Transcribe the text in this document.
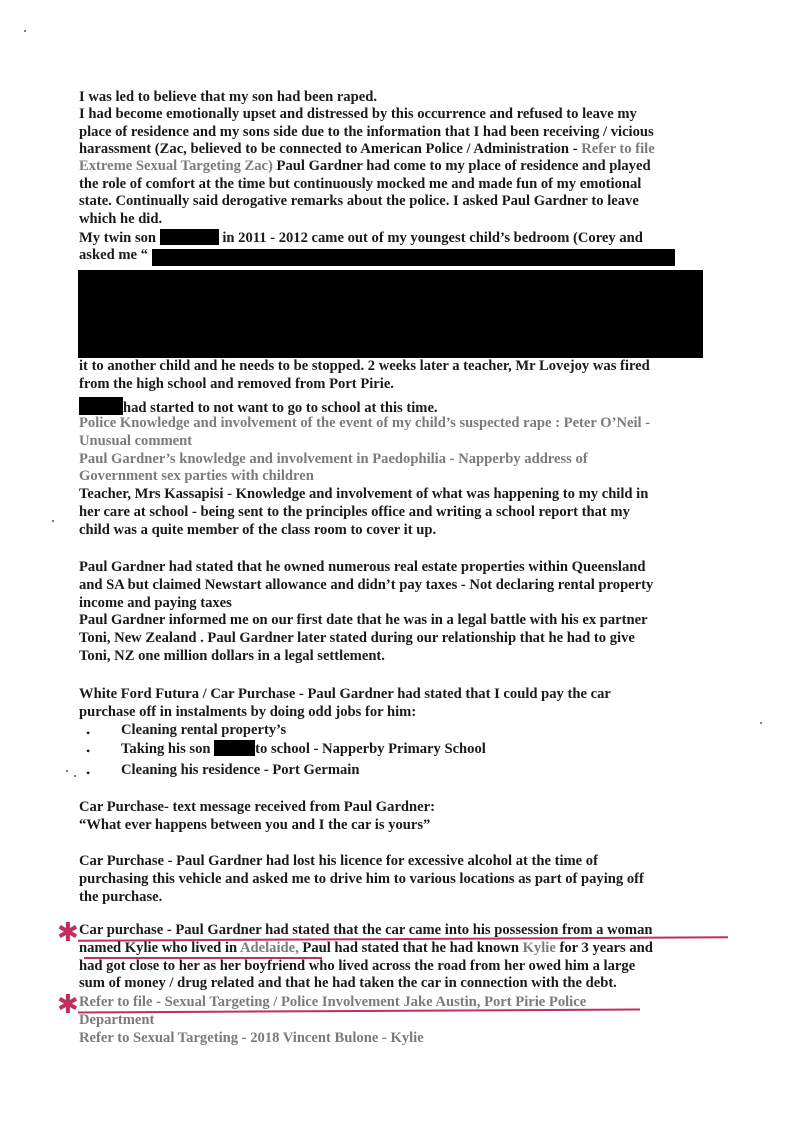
I was led to believe that my son had been raped.
I had become emotionally upset and distressed by this occurrence and refused to leave my
place of residence and my sons side due to the information that I had been receiving / vicious
harassment (Zac, believed to be connected to American Police / Administration - Refer to file
Extreme Sexual Targeting Zac) Paul Gardner had come to my place of residence and played
the role of comfort at the time but continuously mocked me and made fun of my emotional
state. Continually said derogative remarks about the police. I asked Paul Gardner to leave
which he did.
My twin son	in 2011 - 2012 came out of my youngest child’s bedroom (Corey and
asked me “
it to another child and he needs to be stopped. 2 weeks later a teacher, Mr Lovejoy was fired
from the high school and removed from Port Pirie.
had started to not want to go to school at this time.
Police Knowledge and involvement of the event of my child’s suspected rape : Peter O’Neil -
Unusual comment
Paul Gardner’s knowledge and involvement in Paedophilia - Napperby address of
Government sex parties with children
Teacher, Mrs Kassapisi - Knowledge and involvement of what was happening to my child in
her care at school - being sent to the principles office and writing a school report that my
child was a quite member of the class room to cover it up.
Paul Gardner had stated that he owned numerous real estate properties within Queensland
and SA but claimed Newstart allowance and didn’t pay taxes - Not declaring rental property
income and paying taxes
Paul Gardner informed me on our first date that he was in a legal battle with his ex partner
Toni, New Zealand . Paul Gardner later stated during our relationship that he had to give
Toni, NZ one million dollars in a legal settlement.
White Ford Futura / Car Purchase - Paul Gardner had stated that I could pay the car
purchase off in instalments by doing odd jobs for him:
• Cleaning rental property’s
• Taking his son	to school - Napperby Primary School
• Cleaning his residence - Port Germain
Car Purchase- text message received from Paul Gardner:
“What ever happens between you and I the car is yours”
Car Purchase - Paul Gardner had lost his licence for excessive alcohol at the time of
purchasing this vehicle and asked me to drive him to various locations as part of paying off
the purchase.
✱ Car purchase - Paul Gardner had stated that the car came into his possession from a woman
named Kylie who lived in Adelaide, Paul had stated that he had known Kylie for 3 years and
had got close to her as her boyfriend who lived across the road from her owed him a large
sum of money / drug related and that he had taken the car in connection with the debt.
✱ Refer to file - Sexual Targeting / Police Involvement Jake Austin, Port Pirie Police
Department
Refer to Sexual Targeting - 2018 Vincent Bulone - Kylie
